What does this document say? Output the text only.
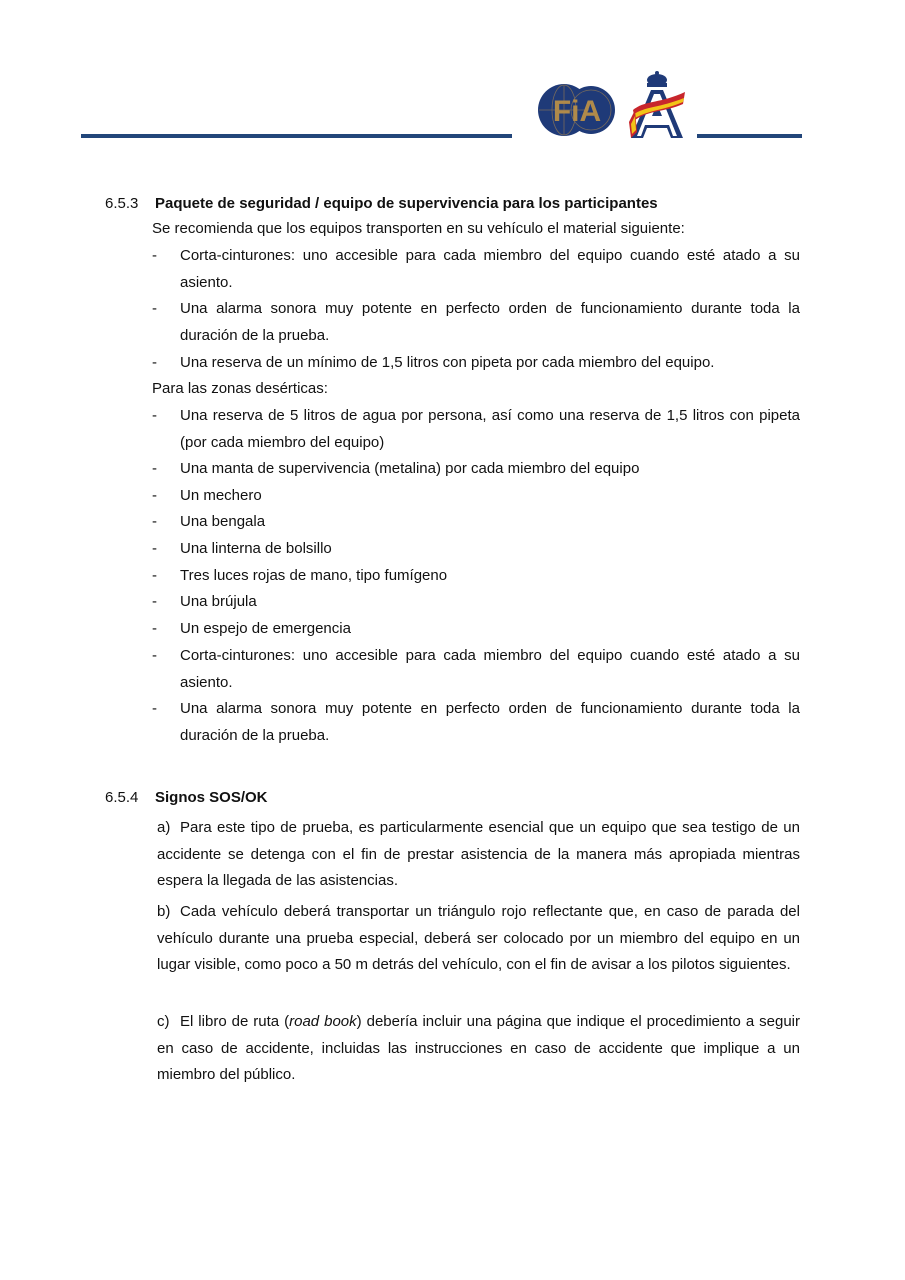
FiA
6.5.3 Paquete de seguridad / equipo de supervivencia para los participantes
Se recomienda que los equipos transporten en su vehículo el material siguiente:
-	Corta-cinturones: uno accesible para cada miembro del equipo cuando esté atado a su asiento.
-	Una alarma sonora muy potente en perfecto orden de funcionamiento durante toda la duración de la prueba.
-	Una reserva de un mínimo de 1,5 litros con pipeta por cada miembro del equipo.
Para las zonas desérticas:
-	Una reserva de 5 litros de agua por persona, así como una reserva de 1,5 litros con pipeta (por cada miembro del equipo)
-	Una manta de supervivencia (metalina) por cada miembro del equipo
-	Un mechero
-	Una bengala
-	Una linterna de bolsillo
-	Tres luces rojas de mano, tipo fumígeno
-	Una brújula
-	Un espejo de emergencia
-	Corta-cinturones: uno accesible para cada miembro del equipo cuando esté atado a su asiento.
-	Una alarma sonora muy potente en perfecto orden de funcionamiento durante toda la duración de la prueba.
6.5.4 Signos SOS/OK
a) Para este tipo de prueba, es particularmente esencial que un equipo que sea testigo de un accidente se detenga con el fin de prestar asistencia de la manera más apropiada mientras espera la llegada de las asistencias.
b) Cada vehículo deberá transportar un triángulo rojo reflectante que, en caso de parada del vehículo durante una prueba especial, deberá ser colocado por un miembro del equipo en un lugar visible, como poco a 50 m detrás del vehículo, con el fin de avisar a los pilotos siguientes.
c) El libro de ruta (road book) debería incluir una página que indique el procedimiento a seguir en caso de accidente, incluidas las instrucciones en caso de accidente que implique a un miembro del público.
